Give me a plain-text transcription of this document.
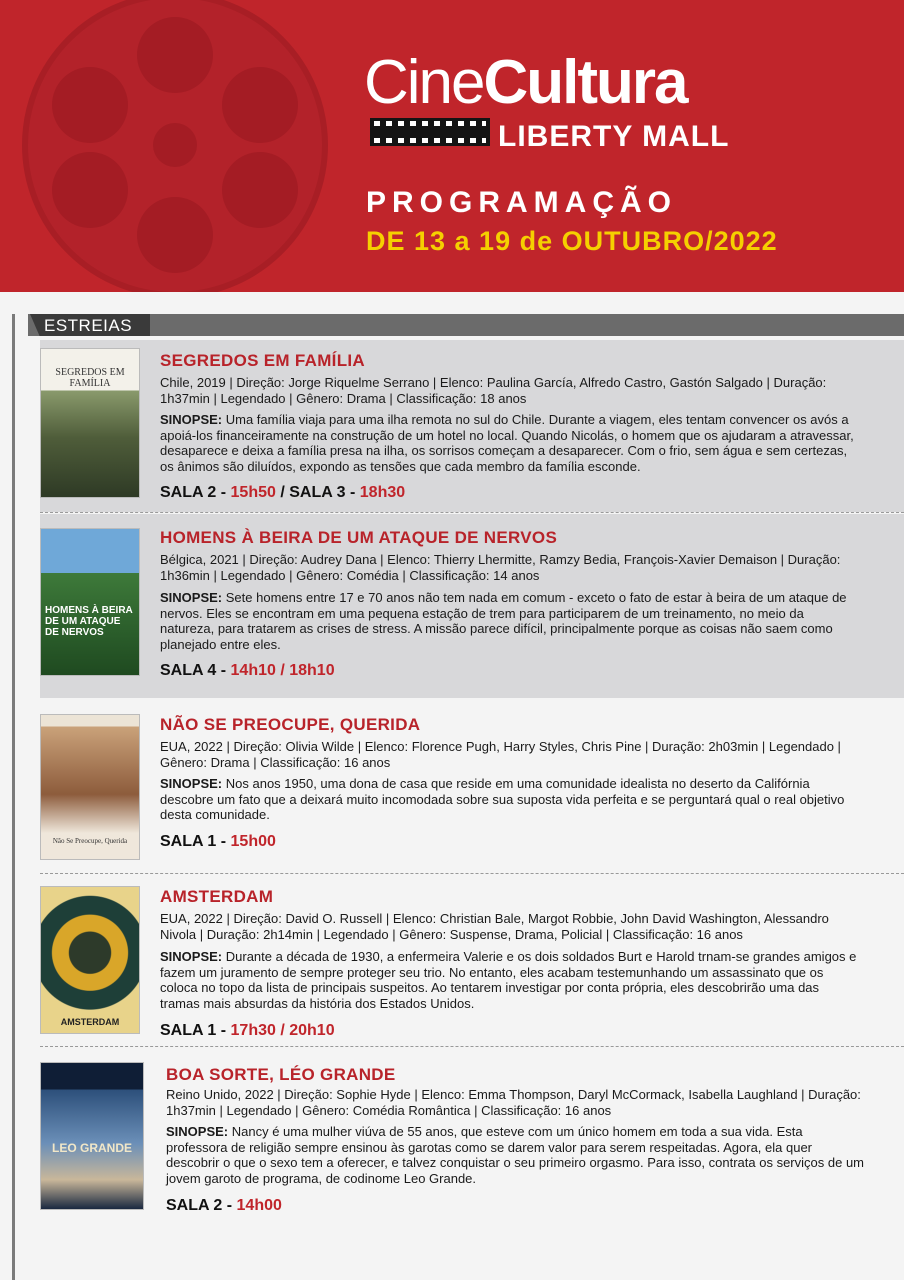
CineCultura
LIBERTY MALL
PROGRAMAÇÃO
DE 13 a 19 de OUTUBRO/2022
ESTREIAS
SEGREDOS EM FAMÍLIA
SEGREDOS EM FAMÍLIA
Chile, 2019 | Direção: Jorge Riquelme Serrano | Elenco: Paulina García, Alfredo Castro, Gastón Salgado | Duração: 1h37min | Legendado | Gênero: Drama | Classificação: 18 anos
SINOPSE: Uma família viaja para uma ilha remota no sul do Chile. Durante a viagem, eles tentam convencer os avós a apoiá-los financeiramente na construção de um hotel no local. Quando Nicolás, o homem que os ajudaram a atravessar, desaparece e deixa a família presa na ilha, os sorrisos começam a desaparecer. Com o frio, sem água e sem certezas, os ânimos são diluídos, expondo as tensões que cada membro da família esconde.
SALA 2 - 15h50 / SALA 3 - 18h30
HOMENS À BEIRA DE UM ATAQUE DE NERVOS
HOMENS À BEIRA DE UM ATAQUE DE NERVOS
Bélgica, 2021 | Direção: Audrey Dana | Elenco: Thierry Lhermitte, Ramzy Bedia, François-Xavier Demaison | Duração: 1h36min | Legendado | Gênero: Comédia | Classificação: 14 anos
SINOPSE: Sete homens entre 17 e 70 anos não tem nada em comum - exceto o fato de estar à beira de um ataque de nervos. Eles se encontram em uma pequena estação de trem para participarem de um treinamento, no meio da natureza, para tratarem as crises de stress. A missão parece difícil, principalmente porque as coisas não saem como planejado entre eles.
SALA 4 - 14h10 / 18h10
Não Se Preocupe, Querida
NÃO SE PREOCUPE, QUERIDA
EUA, 2022 | Direção: Olivia Wilde | Elenco: Florence Pugh, Harry Styles, Chris Pine | Duração: 2h03min | Legendado | Gênero: Drama | Classificação: 16 anos
SINOPSE: Nos anos 1950, uma dona de casa que reside em uma comunidade idealista no deserto da Califórnia descobre um fato que a deixará muito incomodada sobre sua suposta vida perfeita e se perguntará qual o real objetivo desta comunidade.
SALA 1 - 15h00
AMSTERDAM
AMSTERDAM
EUA, 2022 | Direção: David O. Russell | Elenco: Christian Bale, Margot Robbie, John David Washington, Alessandro Nivola | Duração: 2h14min | Legendado | Gênero: Suspense, Drama, Policial | Classificação: 16 anos
SINOPSE: Durante a década de 1930, a enfermeira Valerie e os dois soldados Burt e Harold trnam-se grandes amigos e fazem um juramento de sempre proteger seu trio. No entanto, eles acabam testemunhando um assassinato que os coloca no topo da lista de principais suspeitos. Ao tentarem investigar por conta própria, eles descobrirão uma das tramas mais absurdas da história dos Estados Unidos.
SALA 1 - 17h30 / 20h10
LEO GRANDE
BOA SORTE, LÉO GRANDE
Reino Unido, 2022 | Direção: Sophie Hyde | Elenco: Emma Thompson, Daryl McCormack, Isabella Laughland | Duração: 1h37min | Legendado | Gênero: Comédia Romântica | Classificação: 16 anos
SINOPSE: Nancy é uma mulher viúva de 55 anos, que esteve com um único homem em toda a sua vida. Esta professora de religião sempre ensinou às garotas como se darem valor para serem respeitadas. Agora, ela quer descobrir o que o sexo tem a oferecer, e talvez conquistar o seu primeiro orgasmo. Para isso, contrata os serviços de um jovem garoto de programa, de codinome Leo Grande.
SALA 2 - 14h00
